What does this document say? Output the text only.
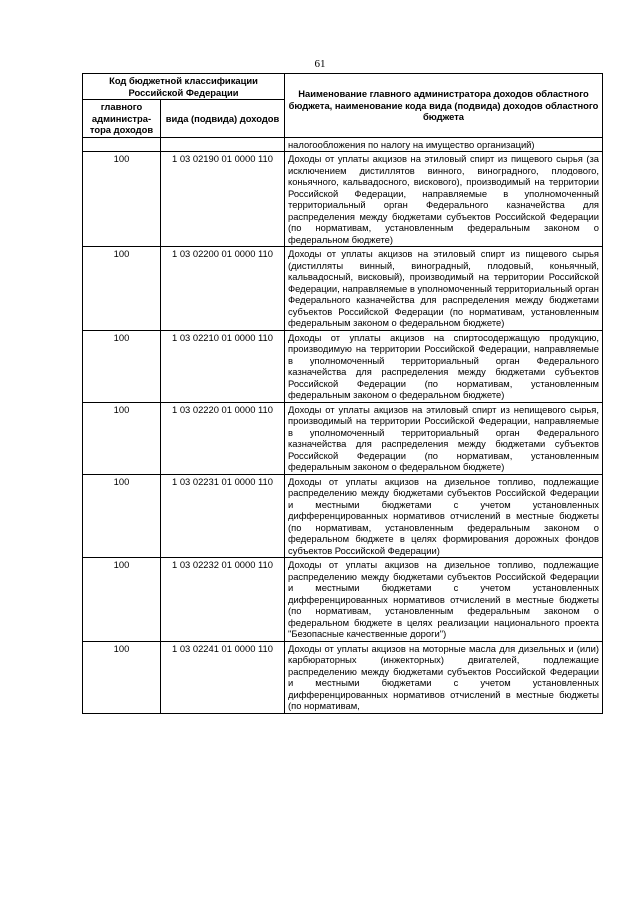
61
Код бюджетной классификации Российской Федерации		Наименование главного администратора доходов областного бюджета, наименование кода вида (подвида) доходов областного бюджета
главного администра-тора доходов	вида (подвида) доходов	
		налогообложения по налогу на имущество организаций)
100	1 03 02190 01 0000 110	Доходы от уплаты акцизов на этиловый спирт из пищевого сырья (за исключением дистиллятов винного, виноградного, плодового, коньячного, кальвадосного, вискового), производимый на территории Российской Федерации, направляемые в уполномоченный территориальный орган Федерального казначейства для распределения между бюджетами субъектов Российской Федерации (по нормативам, установленным федеральным законом о федеральном бюджете)
100	1 03 02200 01 0000 110	Доходы от уплаты акцизов на этиловый спирт из пищевого сырья (дистилляты винный, виноградный, плодовый, коньячный, кальвадосный, висковый), производимый на территории Российской Федерации, направляемые в уполномоченный территориальный орган Федерального казначейства для распределения между бюджетами субъектов Российской Федерации (по нормативам, установленным федеральным законом о федеральном бюджете)
100	1 03 02210 01 0000 110	Доходы от уплаты акцизов на спиртосодержащую продукцию, производимую на территории Российской Федерации, направляемые в уполномоченный территориальный орган Федерального казначейства для распределения между бюджетами субъектов Российской Федерации (по нормативам, установленным федеральным законом о федеральном бюджете)
100	1 03 02220 01 0000 110	Доходы от уплаты акцизов на этиловый спирт из непищевого сырья, производимый на территории Российской Федерации, направляемые в уполномоченный территориальный орган Федерального казначейства для распределения между бюджетами субъектов Российской Федерации (по нормативам, установленным федеральным законом о федеральном бюджете)
100	1 03 02231 01 0000 110	Доходы от уплаты акцизов на дизельное топливо, подлежащие распределению между бюджетами субъектов Российской Федерации и местными бюджетами с учетом установленных дифференцированных нормативов отчислений в местные бюджеты (по нормативам, установленным федеральным законом о федеральном бюджете в целях формирования дорожных фондов субъектов Российской Федерации)
100	1 03 02232 01 0000 110	Доходы от уплаты акцизов на дизельное топливо, подлежащие распределению между бюджетами субъектов Российской Федерации и местными бюджетами с учетом установленных дифференцированных нормативов отчислений в местные бюджеты (по нормативам, установленным федеральным законом о федеральном бюджете в целях реализации национального проекта "Безопасные качественные дороги")
100	1 03 02241 01 0000 110	Доходы от уплаты акцизов на моторные масла для дизельных и (или) карбюраторных (инжекторных) двигателей, подлежащие распределению между бюджетами субъектов Российской Федерации и местными бюджетами с учетом установленных дифференцированных нормативов отчислений в местные бюджеты (по нормативам,
